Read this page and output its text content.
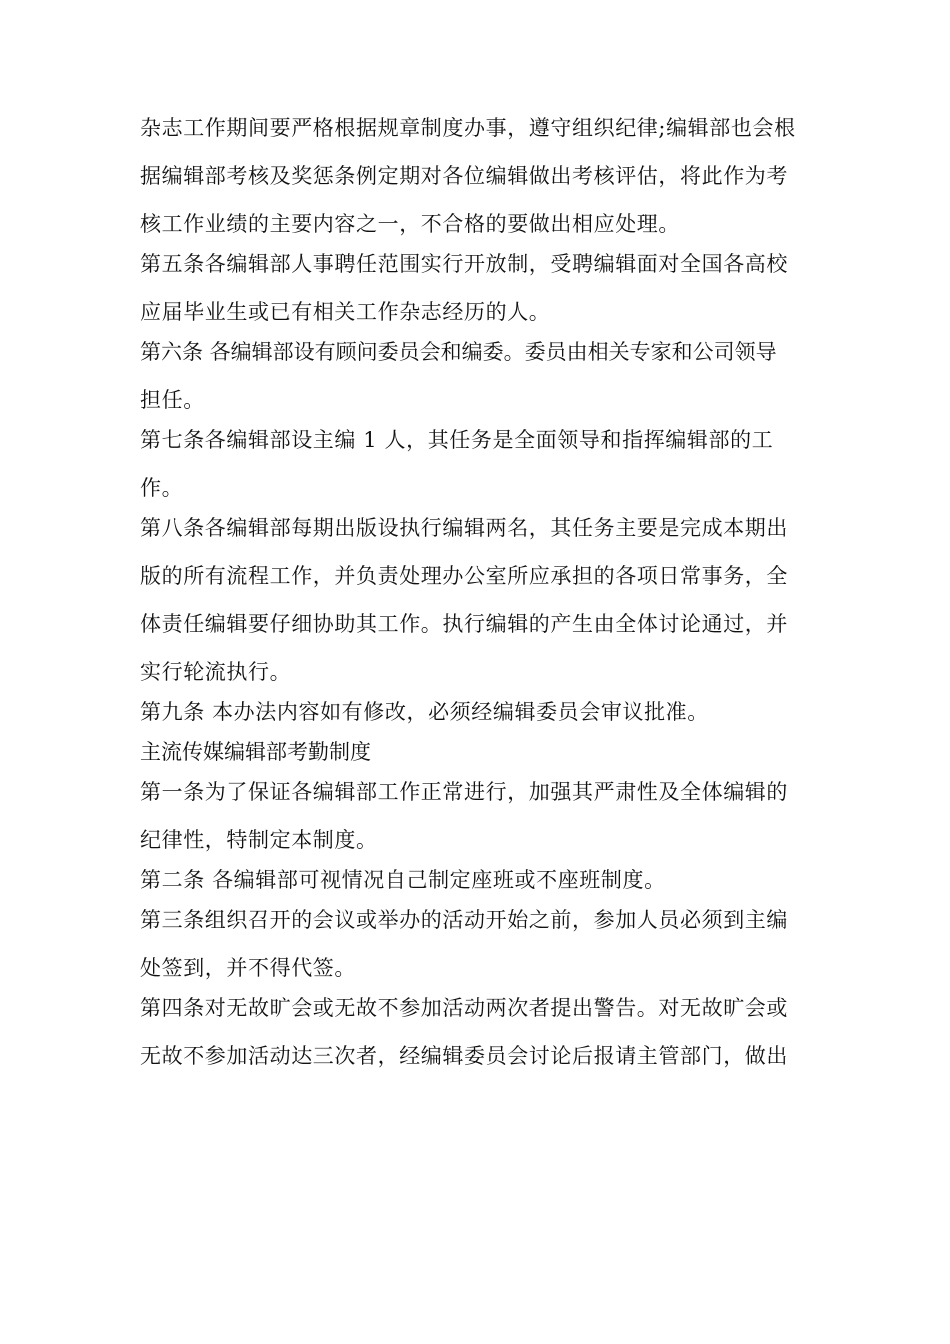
杂志工作期间要严格根据规章制度办事，遵守组织纪律;编辑部也会根
据编辑部考核及奖惩条例定期对各位编辑做出考核评估，将此作为考
核工作业绩的主要内容之一，不合格的要做出相应处理。
第五条各编辑部人事聘任范围实行开放制，受聘编辑面对全国各高校
应届毕业生或已有相关工作杂志经历的人。
第六条 各编辑部设有顾问委员会和编委。委员由相关专家和公司领导
担任。
第七条各编辑部设主编 1 人，其任务是全面领导和指挥编辑部的工
作。
第八条各编辑部每期出版设执行编辑两名，其任务主要是完成本期出
版的所有流程工作，并负责处理办公室所应承担的各项日常事务，全
体责任编辑要仔细协助其工作。执行编辑的产生由全体讨论通过，并
实行轮流执行。
第九条 本办法内容如有修改，必须经编辑委员会审议批准。
主流传媒编辑部考勤制度
第一条为了保证各编辑部工作正常进行，加强其严肃性及全体编辑的
纪律性，特制定本制度。
第二条 各编辑部可视情况自己制定座班或不座班制度。
第三条组织召开的会议或举办的活动开始之前，参加人员必须到主编
处签到，并不得代签。
第四条对无故旷会或无故不参加活动两次者提出警告。对无故旷会或
无故不参加活动达三次者，经编辑委员会讨论后报请主管部门，做出
